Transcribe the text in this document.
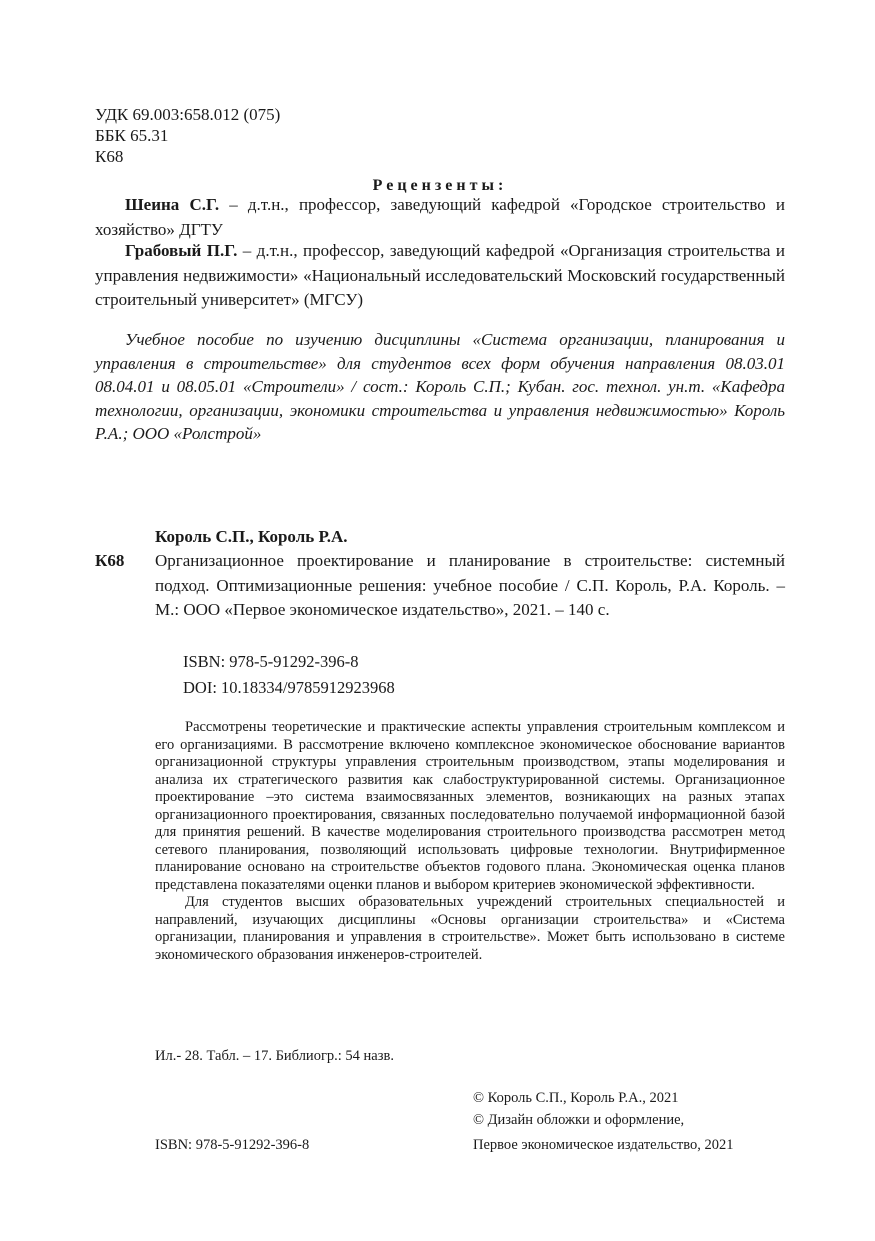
УДК 69.003:658.012 (075)
ББК 65.31
К68
Рецензенты:
Шеина С.Г. – д.т.н., профессор, заведующий кафедрой «Городское строительство и хозяйство» ДГТУ
Грабовый П.Г. – д.т.н., профессор, заведующий кафедрой «Организация строительства и управления недвижимости» «Национальный исследовательский Московский государственный строительный университет» (МГСУ)
Учебное пособие по изучению дисциплины «Система организации, планирования и управления в строительстве» для студентов всех форм обучения направления 08.03.01 08.04.01 и 08.05.01 «Строители» / сост.: Король С.П.; Кубан. гос. технол. ун.т. «Кафедра технологии, организации, экономики строительства и управления недвижимостью» Король Р.А.; ООО «Ролстрой»
Король С.П., Король Р.А.
К68 Организационное проектирование и планирование в строительстве: системный подход. Оптимизационные решения: учебное пособие / С.П. Король, Р.А. Король. – М.: ООО «Первое экономическое издательство», 2021. – 140 с.
ISBN: 978-5-91292-396-8
DOI: 10.18334/9785912923968

Рассмотрены теоретические и практические аспекты управления строительным комплексом и его организациями. В рассмотрение включено комплексное экономическое обоснование вариантов организационной структуры управления строительным производством, этапы моделирования и анализа их стратегического развития как слабоструктурированной системы. Организационное проектирование –это система взаимосвязанных элементов, возникающих на разных этапах организационного проектирования, связанных последовательно получаемой информационной базой для принятия решений. В качестве моделирования строительного производства рассмотрен метод сетевого планирования, позволяющий использовать цифровые технологии. Внутрифирменное планирование основано на строительстве объектов годового плана. Экономическая оценка планов представлена показателями оценки планов и выбором критериев экономической эффективности.

Для студентов высших образовательных учреждений строительных специальностей и направлений, изучающих дисциплины «Основы организации строительства» и «Система организации, планирования и управления в строительстве». Может быть использовано в системе экономического образования инженеров-строителей.

Ил.- 28. Табл. – 17. Библиогр.: 54 назв.
© Король С.П., Король Р.А., 2021
© Дизайн обложки и оформление,
ISBN: 978-5-91292-396-8	Первое экономическое издательство, 2021
